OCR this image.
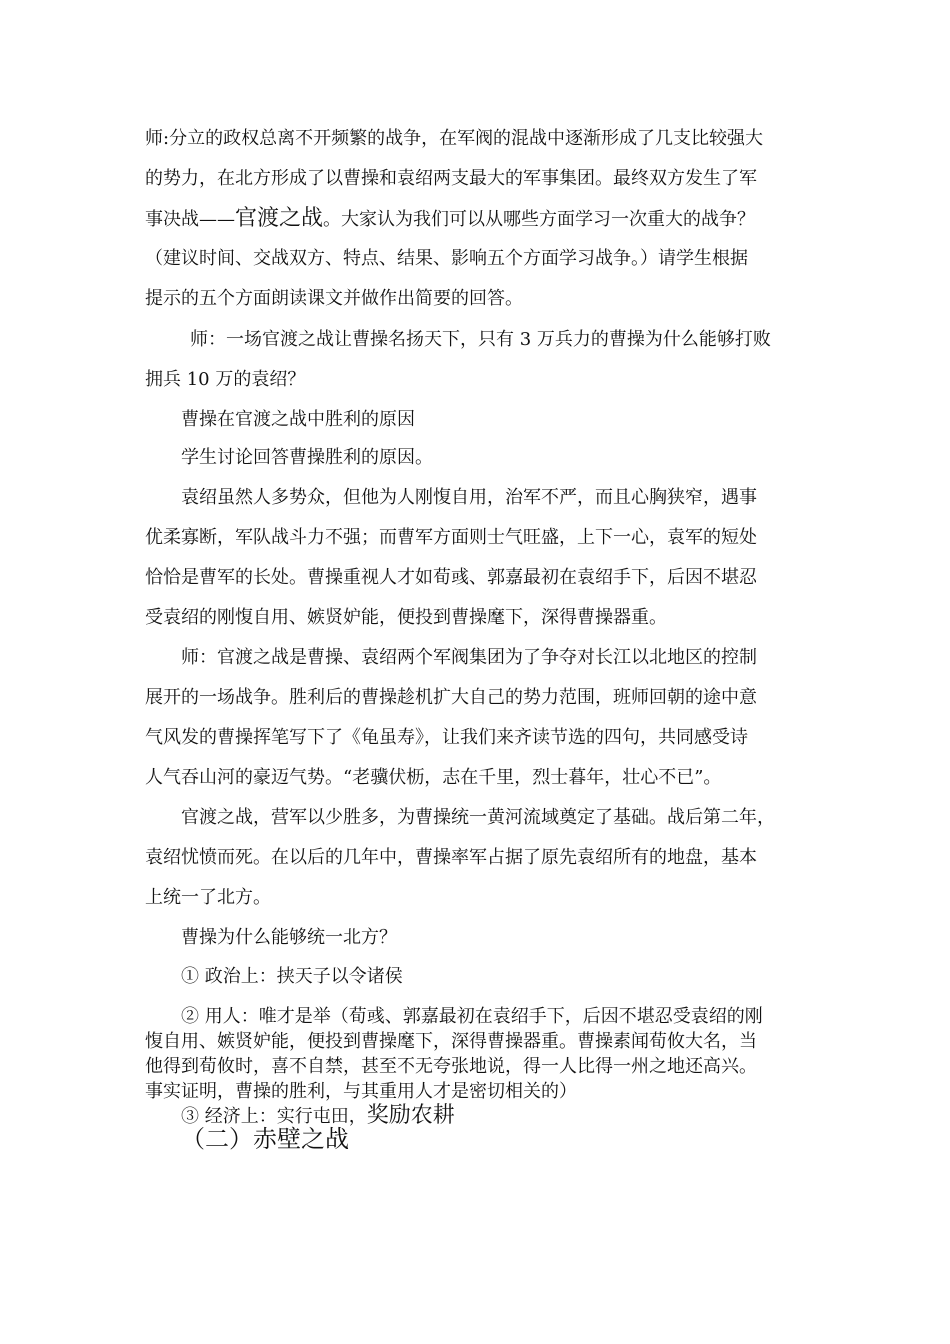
师:分立的政权总离不开频繁的战争，在军阀的混战中逐渐形成了几支比较强大
的势力，在北方形成了以曹操和袁绍两支最大的军事集团。最终双方发生了军
事决战——官渡之战。大家认为我们可以从哪些方面学习一次重大的战争？
（建议时间、交战双方、特点、结果、影响五个方面学习战争。）请学生根据
提示的五个方面朗读课文并做作出简要的回答。
师：一场官渡之战让曹操名扬天下，只有 3 万兵力的曹操为什么能够打败
拥兵 10 万的袁绍？
曹操在官渡之战中胜利的原因
学生讨论回答曹操胜利的原因。
袁绍虽然人多势众，但他为人刚愎自用，治军不严，而且心胸狭窄，遇事
优柔寡断，军队战斗力不强；而曹军方面则士气旺盛，上下一心，袁军的短处
恰恰是曹军的长处。曹操重视人才如荀彧、郭嘉最初在袁绍手下，后因不堪忍
受袁绍的刚愎自用、嫉贤妒能，便投到曹操麾下，深得曹操器重。
师：官渡之战是曹操、袁绍两个军阀集团为了争夺对长江以北地区的控制
展开的一场战争。胜利后的曹操趁机扩大自己的势力范围，班师回朝的途中意
气风发的曹操挥笔写下了《龟虽寿》，让我们来齐读节选的四句，共同感受诗
人气吞山河的豪迈气势。“老骥伏枥，志在千里，烈士暮年，壮心不已”。
官渡之战，营军以少胜多，为曹操统一黄河流域奠定了基础。战后第二年，
袁绍忧愤而死。在以后的几年中，曹操率军占据了原先袁绍所有的地盘，基本
上统一了北方。
曹操为什么能够统一北方？
① 政治上：挟天子以令诸侯
② 用人：唯才是举（荀彧、郭嘉最初在袁绍手下，后因不堪忍受袁绍的刚
愎自用、嫉贤妒能，便投到曹操麾下，深得曹操器重。曹操素闻荀攸大名，当
他得到荀攸时，喜不自禁，甚至不无夸张地说，得一人比得一州之地还高兴。
事实证明，曹操的胜利，与其重用人才是密切相关的）
③ 经济上：实行屯田，奖励农耕
（二）赤壁之战
